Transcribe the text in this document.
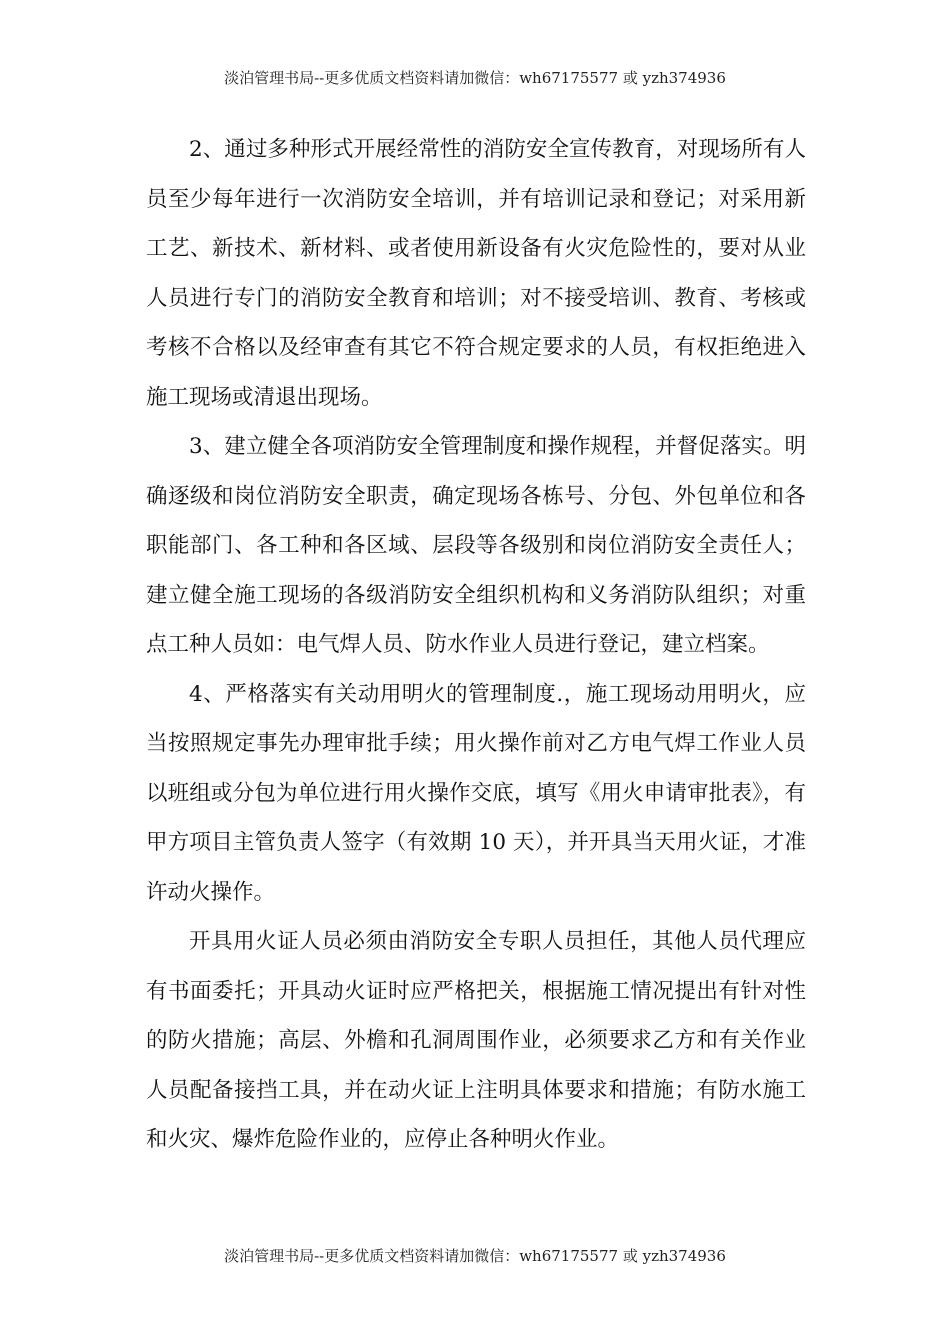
淡泊管理书局--更多优质文档资料请加微信：wh67175577 或 yzh374936

2、通过多种形式开展经常性的消防安全宣传教育，对现场所有人员至少每年进行一次消防安全培训，并有培训记录和登记；对采用新工艺、新技术、新材料、或者使用新设备有火灾危险性的，要对从业人员进行专门的消防安全教育和培训；对不接受培训、教育、考核或考核不合格以及经审查有其它不符合规定要求的人员，有权拒绝进入施工现场或清退出现场。

3、建立健全各项消防安全管理制度和操作规程，并督促落实。明确逐级和岗位消防安全职责，确定现场各栋号、分包、外包单位和各职能部门、各工种和各区域、层段等各级别和岗位消防安全责任人；建立健全施工现场的各级消防安全组织机构和义务消防队组织；对重点工种人员如：电气焊人员、防水作业人员进行登记，建立档案。

4、严格落实有关动用明火的管理制度.，施工现场动用明火，应当按照规定事先办理审批手续；用火操作前对乙方电气焊工作业人员以班组或分包为单位进行用火操作交底，填写《用火申请审批表》，有甲方项目主管负责人签字（有效期 10 天），并开具当天用火证，才准许动火操作。

开具用火证人员必须由消防安全专职人员担任，其他人员代理应有书面委托；开具动火证时应严格把关，根据施工情况提出有针对性的防火措施；高层、外檐和孔洞周围作业，必须要求乙方和有关作业人员配备接挡工具，并在动火证上注明具体要求和措施；有防水施工和火灾、爆炸危险作业的，应停止各种明火作业。

淡泊管理书局--更多优质文档资料请加微信：wh67175577 或 yzh374936
